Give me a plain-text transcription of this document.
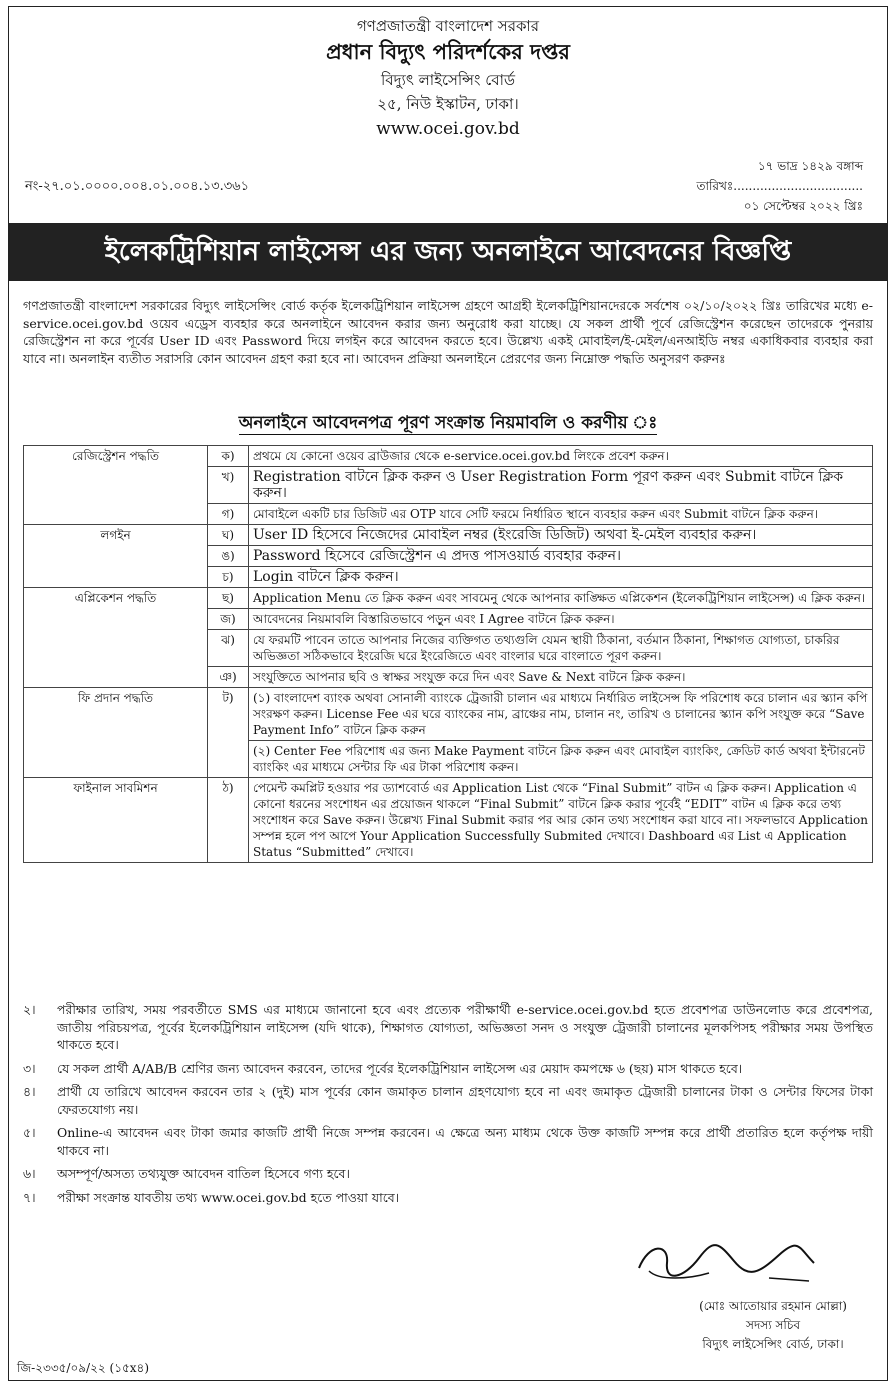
গণপ্রজাতন্ত্রী বাংলাদেশ সরকার
প্রধান বিদ্যুৎ পরিদর্শকের দপ্তর
বিদ্যুৎ লাইসেন্সিং বোর্ড
২৫, নিউ ইস্কাটন, ঢাকা।
www.ocei.gov.bd
নং-২৭.০১.০০০০.০০৪.০১.০০৪.১৩.৩৬১
১৭ ভাদ্র ১৪২৯ বঙ্গাব্দ
তারিখঃ..................................
০১ সেপ্টেম্বর ২০২২ খ্রিঃ
ইলেকট্রিশিয়ান লাইসেন্স এর জন্য অনলাইনে আবেদনের বিজ্ঞপ্তি
গণপ্রজাতন্ত্রী বাংলাদেশ সরকারের বিদ্যুৎ লাইসেন্সিং বোর্ড কর্তৃক ইলেকট্রিশিয়ান লাইসেন্স গ্রহণে আগ্রহী ইলেকট্রিশিয়ানদেরকে সর্বশেষ ০২/১০/২০২২ খ্রিঃ তারিখের মধ্যে e-service.ocei.gov.bd ওয়েব এড্রেস ব্যবহার করে অনলাইনে আবেদন করার জন্য অনুরোধ করা যাচ্ছে। যে সকল প্রার্থী পূর্বে রেজিস্ট্রেশন করেছেন তাদেরকে পুনরায় রেজিস্ট্রেশন না করে পূর্বের User ID এবং Password দিয়ে লগইন করে আবেদন করতে হবে। উল্লেখ্য একই মোবাইল/ই-মেইল/এনআইডি নম্বর একাধিকবার ব্যবহার করা যাবে না। অনলাইন ব্যতীত সরাসরি কোন আবেদন গ্রহণ করা হবে না। আবেদন প্রক্রিয়া অনলাইনে প্রেরণের জন্য নিম্নোক্ত পদ্ধতি অনুসরণ করুনঃ
অনলাইনে আবেদনপত্র পূরণ সংক্রান্ত নিয়মাবলি ও করণীয় ঃ
রেজিস্ট্রেশন পদ্ধতি	ক)	প্রথমে যে কোনো ওয়েব ব্রাউজার থেকে e-service.ocei.gov.bd লিংকে প্রবেশ করুন।
	খ)	Registration বাটনে ক্লিক করুন ও User Registration Form পূরণ করুন এবং Submit বাটনে ক্লিক করুন।
	গ)	মোবাইলে একটি চার ডিজিট এর OTP যাবে সেটি ফরমে নির্ধারিত স্থানে ব্যবহার করুন এবং Submit বাটনে ক্লিক করুন।
লগইন	ঘ)	User ID হিসেবে নিজেদের মোবাইল নম্বর (ইংরেজি ডিজিট) অথবা ই-মেইল ব্যবহার করুন।
	ঙ)	Password হিসেবে রেজিস্ট্রেশন এ প্রদত্ত পাসওয়ার্ড ব্যবহার করুন।
	চ)	Login বাটনে ক্লিক করুন।
এপ্লিকেশন পদ্ধতি	ছ)	Application Menu তে ক্লিক করুন এবং সাবমেনু থেকে আপনার কাঙ্ক্ষিত এপ্লিকেশন (ইলেকট্রিশিয়ান লাইসেন্স) এ ক্লিক করুন।
	জ)	আবেদনের নিয়মাবলি বিস্তারিতভাবে পড়ুন এবং I Agree বাটনে ক্লিক করুন।
	ঝ)	যে ফরমটি পাবেন তাতে আপনার নিজের ব্যক্তিগত তথ্যগুলি যেমন স্থায়ী ঠিকানা, বর্তমান ঠিকানা, শিক্ষাগত যোগ্যতা, চাকরির অভিজ্ঞতা সঠিকভাবে ইংরেজি ঘরে ইংরেজিতে এবং বাংলার ঘরে বাংলাতে পূরণ করুন।
	ঞ)	সংযুক্তিতে আপনার ছবি ও স্বাক্ষর সংযুক্ত করে দিন এবং Save & Next বাটনে ক্লিক করুন।
ফি প্রদান পদ্ধতি	ট)	(১) বাংলাদেশ ব্যাংক অথবা সোনালী ব্যাংকে ট্রেজারী চালান এর মাধ্যমে নির্ধারিত লাইসেন্স ফি পরিশোধ করে চালান এর স্ক্যান কপি সংরক্ষণ করুন। License Fee এর ঘরে ব্যাংকের নাম, ব্রাঞ্চের নাম, চালান নং, তারিখ ও চালানের স্ক্যান কপি সংযুক্ত করে “Save Payment Info” বাটনে ক্লিক করুন
		(২) Center Fee পরিশোধ এর জন্য Make Payment বাটনে ক্লিক করুন এবং মোবাইল ব্যাংকিং, ক্রেডিট কার্ড অথবা ইন্টারনেট ব্যাংকিং এর মাধ্যমে সেন্টার ফি এর টাকা পরিশোধ করুন।
ফাইনাল সাবমিশন	ঠ)	পেমেন্ট কমপ্লিট হওয়ার পর ড্যাশবোর্ড এর Application List থেকে “Final Submit” বাটন এ ক্লিক করুন। Application এ কোনো ধরনের সংশোধন এর প্রয়োজন থাকলে “Final Submit” বাটনে ক্লিক করার পূর্বেই “EDIT” বাটন এ ক্লিক করে তথ্য সংশোধন করে Save করুন। উল্লেখ্য Final Submit করার পর আর কোন তথ্য সংশোধন করা যাবে না। সফলভাবে Application সম্পন্ন হলে পপ আপে Your Application Successfully Submited দেখাবে। Dashboard এর List এ Application Status “Submitted” দেখাবে।
২।	পরীক্ষার তারিখ, সময় পরবর্তীতে SMS এর মাধ্যমে জানানো হবে এবং প্রত্যেক পরীক্ষার্থী e-service.ocei.gov.bd হতে প্রবেশপত্র ডাউনলোড করে প্রবেশপত্র, জাতীয় পরিচয়পত্র, পূর্বের ইলেকট্রিশিয়ান লাইসেন্স (যদি থাকে), শিক্ষাগত যোগ্যতা, অভিজ্ঞতা সনদ ও সংযুক্ত ট্রেজারী চালানের মূলকপিসহ পরীক্ষার সময় উপস্থিত থাকতে হবে।
৩।	যে সকল প্রার্থী A/AB/B শ্রেণির জন্য আবেদন করবেন, তাদের পূর্বের ইলেকট্রিশিয়ান লাইসেন্স এর মেয়াদ কমপক্ষে ৬ (ছয়) মাস থাকতে হবে।
৪।	প্রার্থী যে তারিখে আবেদন করবেন তার ২ (দুই) মাস পূর্বের কোন জমাকৃত চালান গ্রহণযোগ্য হবে না এবং জমাকৃত ট্রেজারী চালানের টাকা ও সেন্টার ফিসের টাকা ফেরতযোগ্য নয়।
৫।	Online-এ আবেদন এবং টাকা জমার কাজটি প্রার্থী নিজে সম্পন্ন করবেন। এ ক্ষেত্রে অন্য মাধ্যম থেকে উক্ত কাজটি সম্পন্ন করে প্রার্থী প্রতারিত হলে কর্তৃপক্ষ দায়ী থাকবে না।
৬।	অসম্পূর্ণ/অসত্য তথ্যযুক্ত আবেদন বাতিল হিসেবে গণ্য হবে।
৭।	পরীক্ষা সংক্রান্ত যাবতীয় তথ্য www.ocei.gov.bd হতে পাওয়া যাবে।
(মোঃ আতোয়ার রহমান মোল্লা)
সদস্য সচিব
বিদ্যুৎ লাইসেন্সিং বোর্ড, ঢাকা।
জি-২৩৩৫/০৯/২২ (১৫x৪)
